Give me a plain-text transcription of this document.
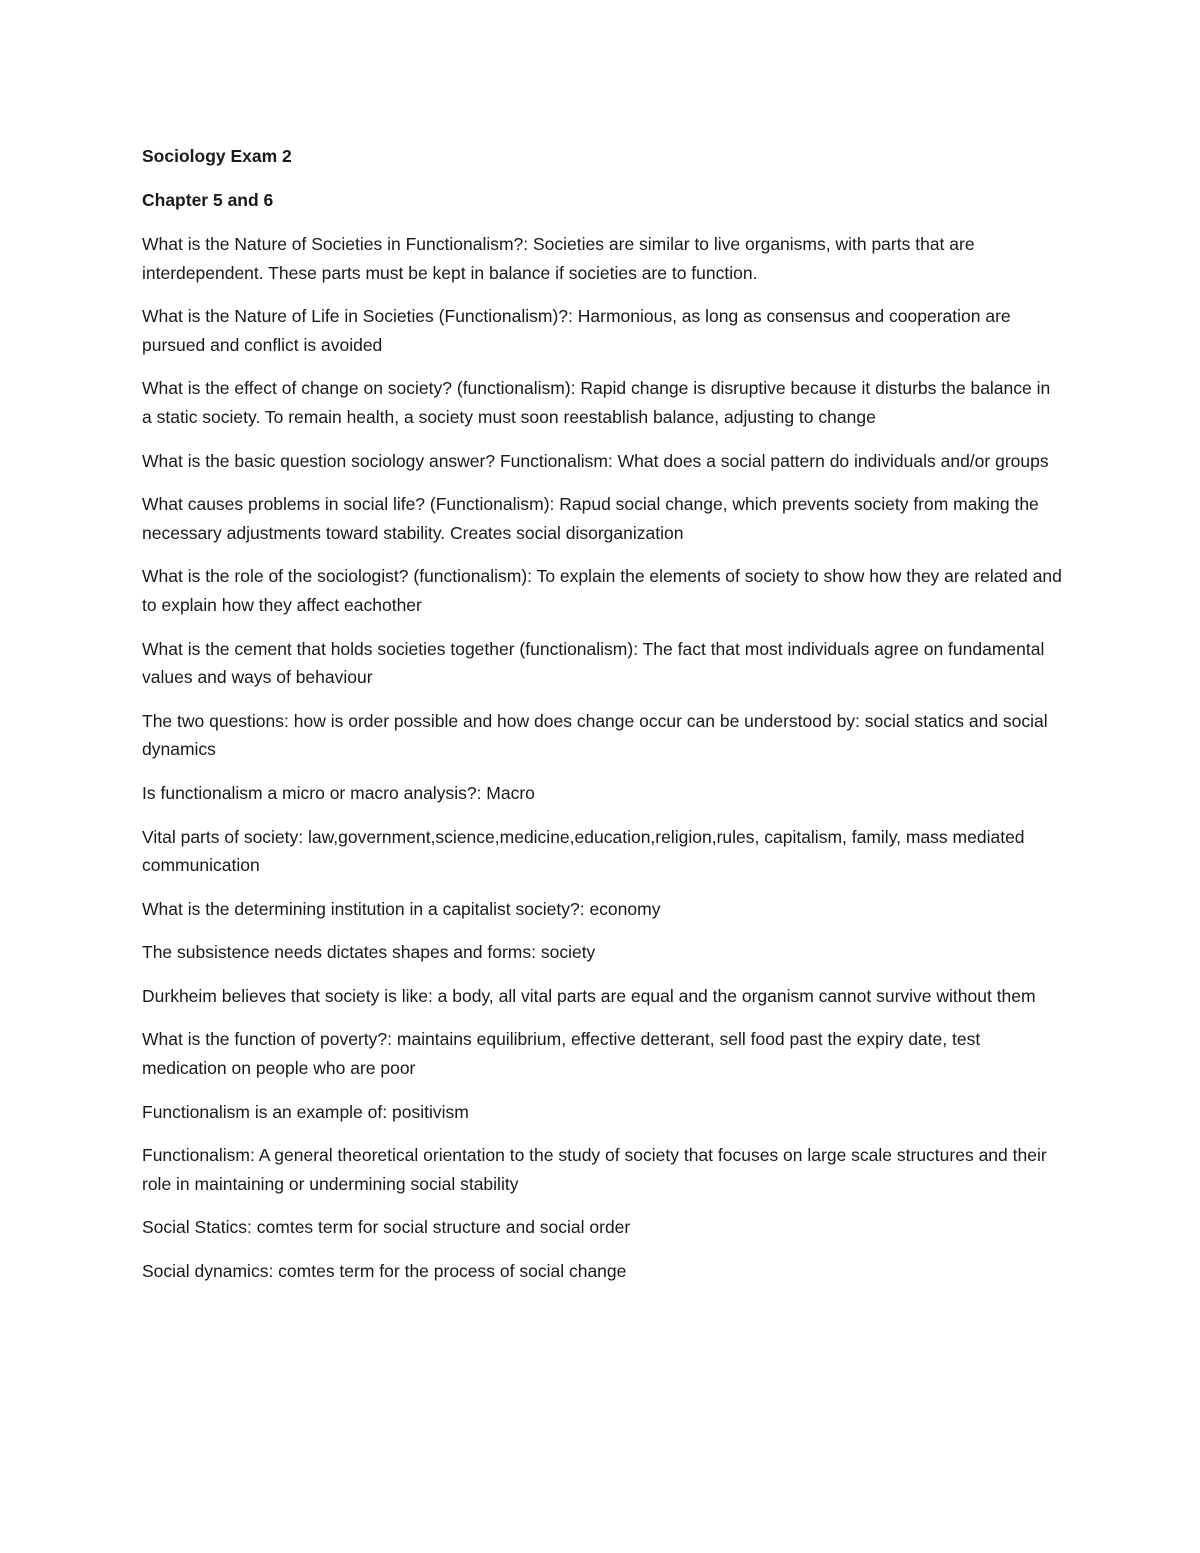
Sociology Exam 2
Chapter 5 and 6

What is the Nature of Societies in Functionalism?: Societies are similar to live organisms, with parts that are interdependent. These parts must be kept in balance if societies are to function.

What is the Nature of Life in Societies (Functionalism)?: Harmonious, as long as consensus and cooperation are pursued and conflict is avoided

What is the effect of change on society? (functionalism): Rapid change is disruptive because it disturbs the balance in a static society. To remain health, a society must soon reestablish balance, adjusting to change

What is the basic question sociology answer? Functionalism: What does a social pattern do individuals and/or groups

What causes problems in social life? (Functionalism): Rapud social change, which prevents society from making the necessary adjustments toward stability. Creates social disorganization

What is the role of the sociologist? (functionalism): To explain the elements of society to show how they are related and to explain how they affect eachother

What is the cement that holds societies together (functionalism): The fact that most individuals agree on fundamental values and ways of behaviour

The two questions: how is order possible and how does change occur can be understood by: social statics and social dynamics

Is functionalism a micro or macro analysis?: Macro

Vital parts of society: law,government,science,medicine,education,religion,rules, capitalism, family, mass mediated communication

What is the determining institution in a capitalist society?: economy

The subsistence needs dictates shapes and forms: society

Durkheim believes that society is like: a body, all vital parts are equal and the organism cannot survive without them

What is the function of poverty?: maintains equilibrium, effective detterant, sell food past the expiry date, test medication on people who are poor

Functionalism is an example of: positivism

Functionalism: A general theoretical orientation to the study of society that focuses on large scale structures and their role in maintaining or undermining social stability

Social Statics: comtes term for social structure and social order

Social dynamics: comtes term for the process of social change
